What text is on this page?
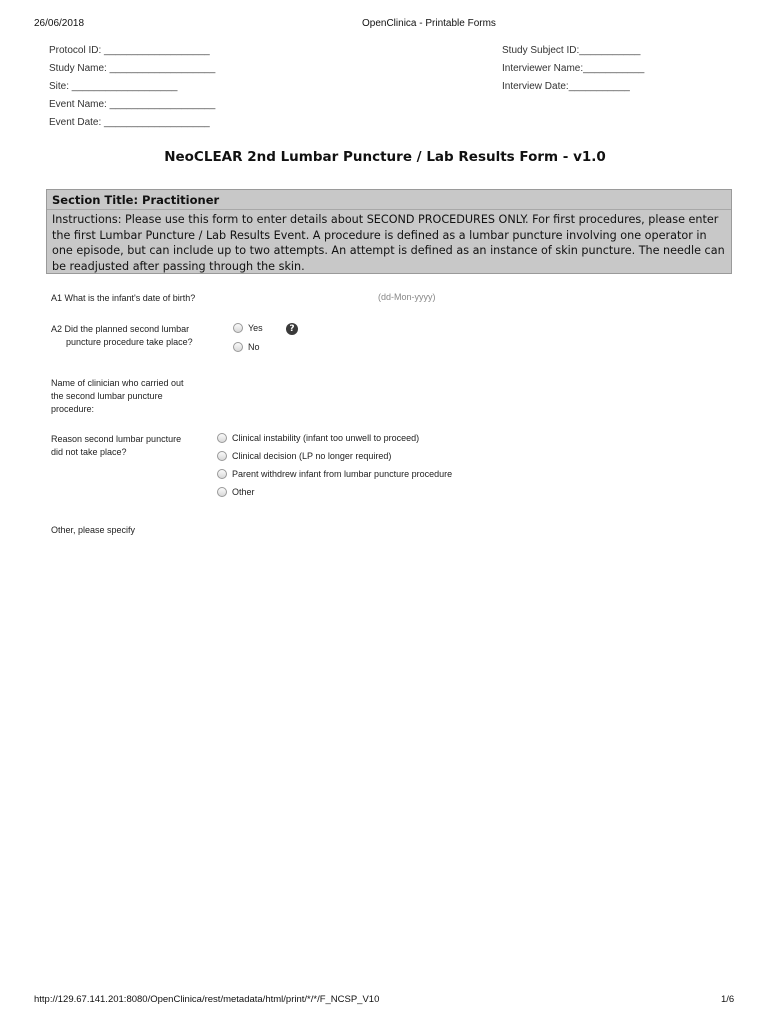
26/06/2018	OpenClinica - Printable Forms
Protocol ID: ___________________
Study Name: ___________________
Site: ___________________
Event Name: ___________________
Event Date: ___________________
Study Subject ID:___________
Interviewer Name:___________
Interview Date:___________
NeoCLEAR 2nd Lumbar Puncture / Lab Results Form - v1.0
Section Title: Practitioner
Instructions: Please use this form to enter details about SECOND PROCEDURES ONLY. For first procedures, please enter the first Lumbar Puncture / Lab Results Event. A procedure is defined as a lumbar puncture involving one operator in one episode, but can include up to two attempts. An attempt is defined as an instance of skin puncture. The needle can be readjusted after passing through the skin.
A1 What is the infant's date of birth?	(dd-Mon-yyyy)
A2 Did the planned second lumbar
puncture procedure take place?
Yes
No
?
Name of clinician who carried out
the second lumbar puncture
procedure:
Reason second lumbar puncture
did not take place?
Clinical instability (infant too unwell to proceed)
Clinical decision (LP no longer required)
Parent withdrew infant from lumbar puncture procedure
Other
Other, please specify
http://129.67.141.201:8080/OpenClinica/rest/metadata/html/print/*/*/F_NCSP_V10	1/6
